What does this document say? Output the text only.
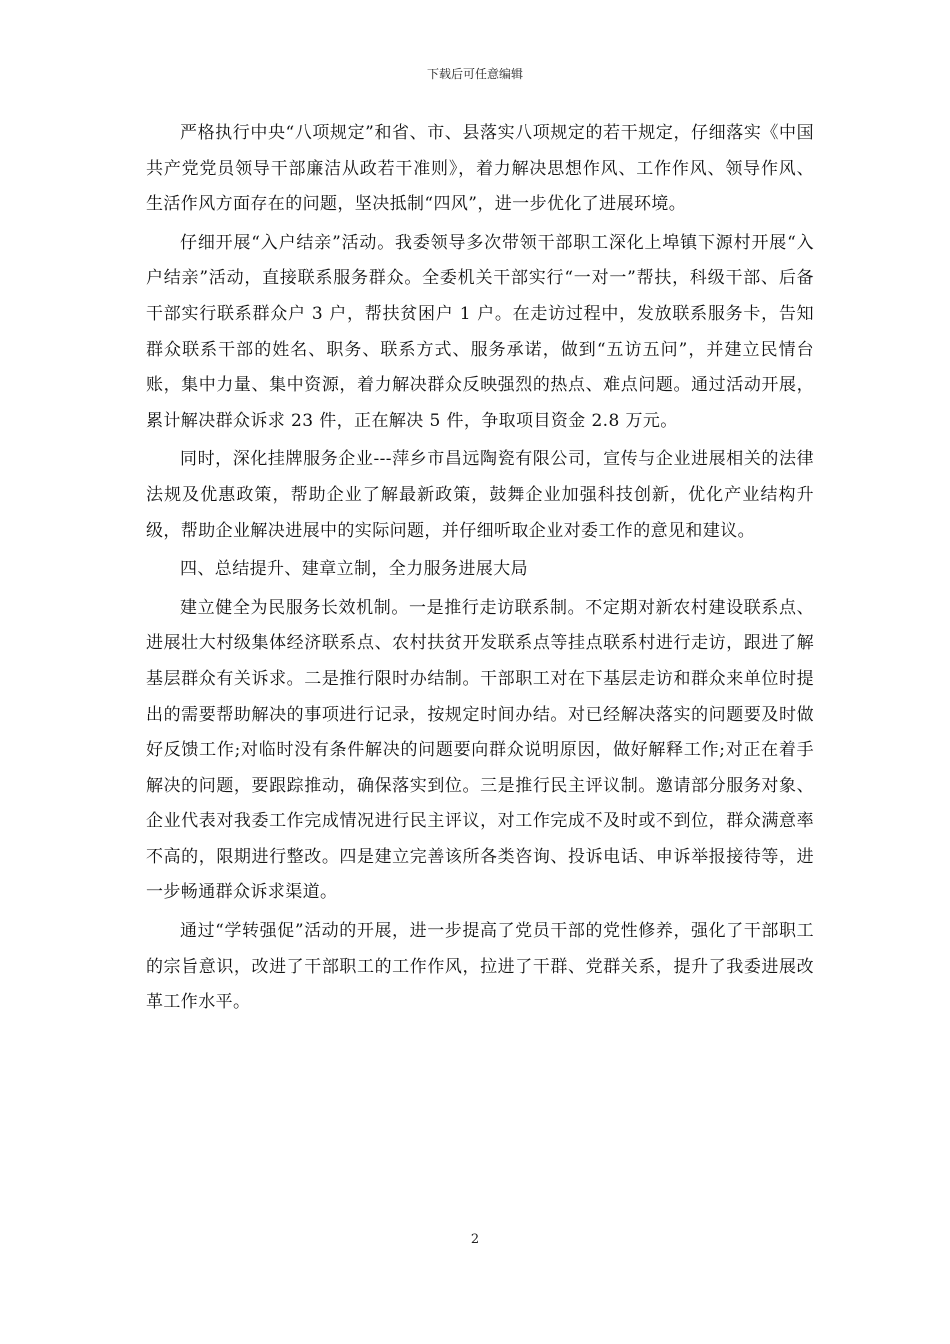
下载后可任意编辑

严格执行中央“八项规定”和省、市、县落实八项规定的若干规定，仔细落实《中国共产党党员领导干部廉洁从政若干准则》，着力解决思想作风、工作作风、领导作风、生活作风方面存在的问题，坚决抵制“四风”，进一步优化了进展环境。

仔细开展“入户结亲”活动。我委领导多次带领干部职工深化上埠镇下源村开展“入户结亲”活动，直接联系服务群众。全委机关干部实行“一对一”帮扶，科级干部、后备干部实行联系群众户 3 户，帮扶贫困户 1 户。在走访过程中，发放联系服务卡，告知群众联系干部的姓名、职务、联系方式、服务承诺，做到“五访五问”，并建立民情台账，集中力量、集中资源，着力解决群众反映强烈的热点、难点问题。通过活动开展，累计解决群众诉求 23 件，正在解决 5 件，争取项目资金 2.8 万元。

同时，深化挂牌服务企业---萍乡市昌远陶瓷有限公司，宣传与企业进展相关的法律法规及优惠政策，帮助企业了解最新政策，鼓舞企业加强科技创新，优化产业结构升级，帮助企业解决进展中的实际问题，并仔细听取企业对委工作的意见和建议。

四、总结提升、建章立制，全力服务进展大局

建立健全为民服务长效机制。一是推行走访联系制。不定期对新农村建设联系点、进展壮大村级集体经济联系点、农村扶贫开发联系点等挂点联系村进行走访，跟进了解基层群众有关诉求。二是推行限时办结制。干部职工对在下基层走访和群众来单位时提出的需要帮助解决的事项进行记录，按规定时间办结。对已经解决落实的问题要及时做好反馈工作;对临时没有条件解决的问题要向群众说明原因，做好解释工作;对正在着手解决的问题，要跟踪推动，确保落实到位。三是推行民主评议制。邀请部分服务对象、企业代表对我委工作完成情况进行民主评议，对工作完成不及时或不到位，群众满意率不高的，限期进行整改。四是建立完善该所各类咨询、投诉电话、申诉举报接待等，进一步畅通群众诉求渠道。

通过“学转强促”活动的开展，进一步提高了党员干部的党性修养，强化了干部职工的宗旨意识，改进了干部职工的工作作风，拉进了干群、党群关系，提升了我委进展改革工作水平。

2
